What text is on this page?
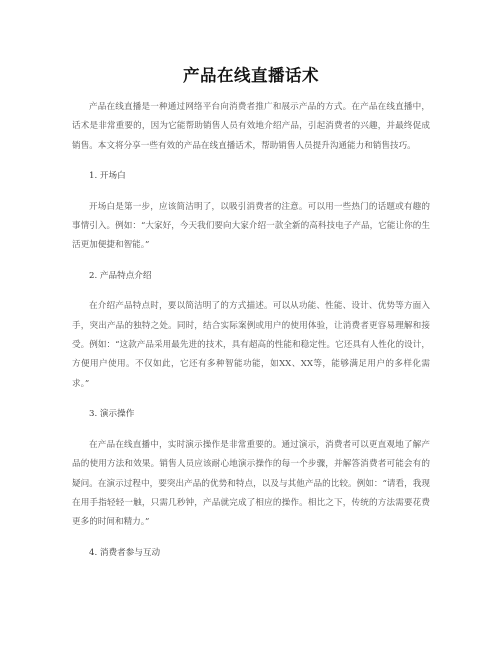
产品在线直播话术

产品在线直播是一种通过网络平台向消费者推广和展示产品的方式。在产品在线直播中，话术是非常重要的，因为它能帮助销售人员有效地介绍产品，引起消费者的兴趣，并最终促成销售。本文将分享一些有效的产品在线直播话术，帮助销售人员提升沟通能力和销售技巧。

1. 开场白

开场白是第一步，应该简洁明了，以吸引消费者的注意。可以用一些热门的话题或有趣的事情引入。例如：“大家好，今天我们要向大家介绍一款全新的高科技电子产品，它能让你的生活更加便捷和智能。”

2. 产品特点介绍

在介绍产品特点时，要以简洁明了的方式描述。可以从功能、性能、设计、优势等方面入手，突出产品的独特之处。同时，结合实际案例或用户的使用体验，让消费者更容易理解和接受。例如：“这款产品采用最先进的技术，具有超高的性能和稳定性。它还具有人性化的设计，方便用户使用。不仅如此，它还有多种智能功能，如XX、XX等，能够满足用户的多样化需求。”

3. 演示操作

在产品在线直播中，实时演示操作是非常重要的。通过演示，消费者可以更直观地了解产品的使用方法和效果。销售人员应该耐心地演示操作的每一个步骤，并解答消费者可能会有的疑问。在演示过程中，要突出产品的优势和特点，以及与其他产品的比较。例如：“请看，我现在用手指轻轻一触，只需几秒钟，产品就完成了相应的操作。相比之下，传统的方法需要花费更多的时间和精力。”

4. 消费者参与互动
